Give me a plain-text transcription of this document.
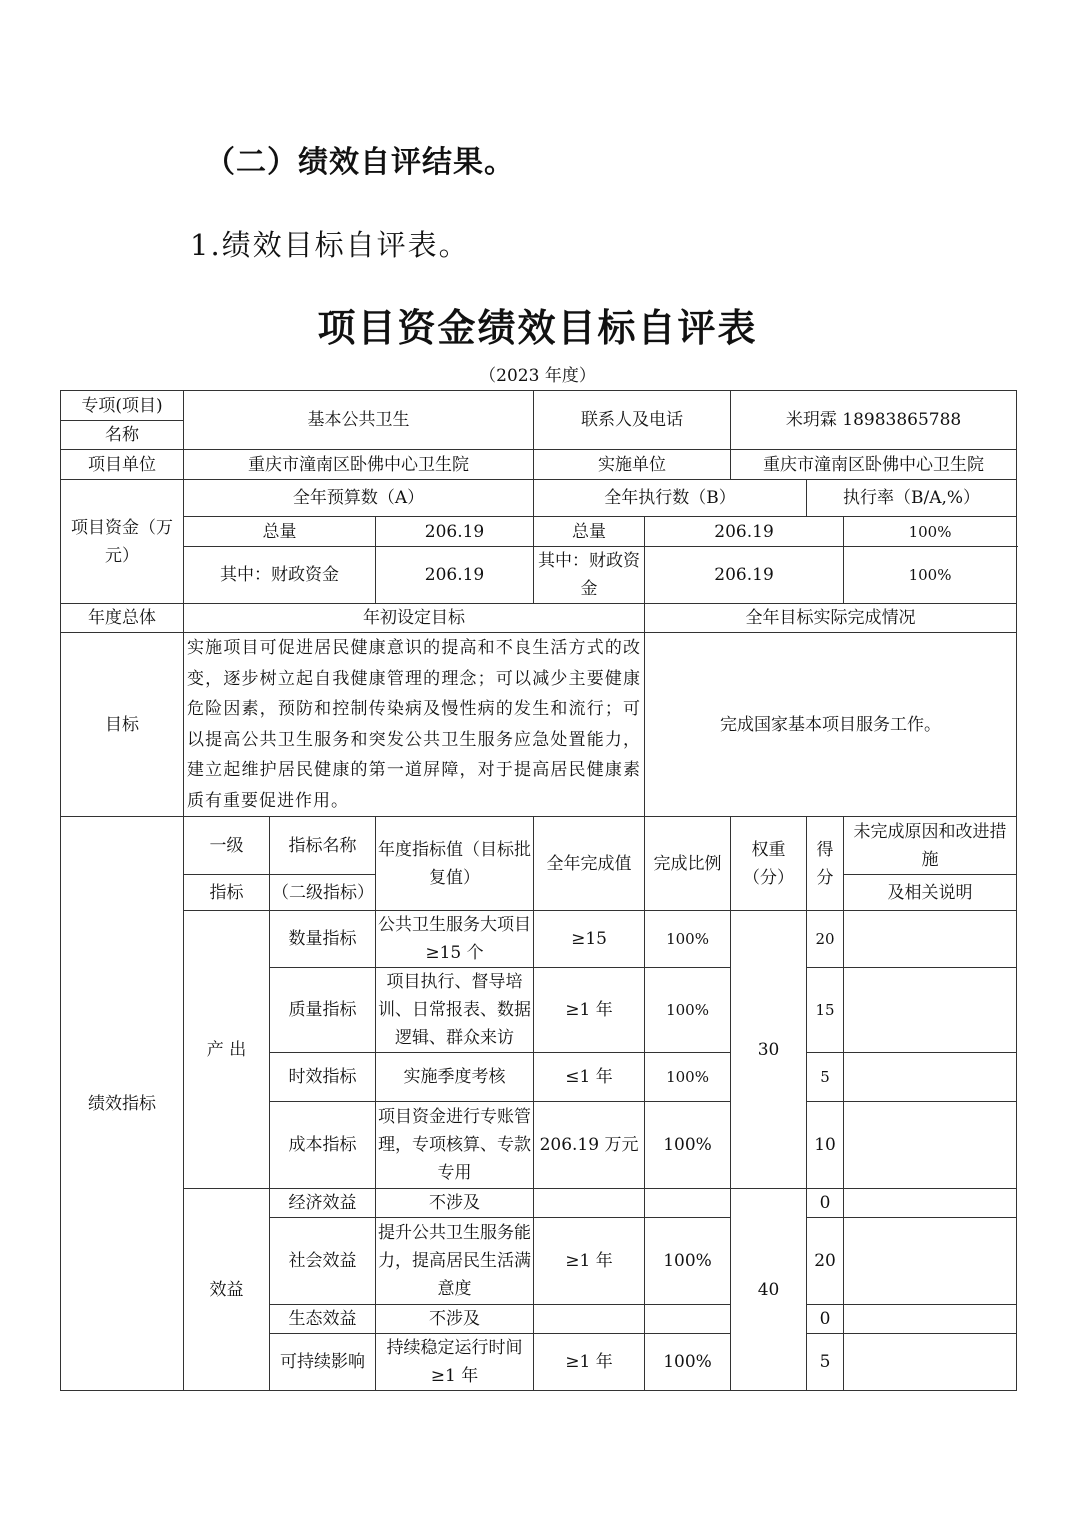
（二）绩效自评结果。
1.绩效目标自评表。
项目资金绩效目标自评表
（2023 年度）
专项(项目)	基本公共卫生			联系人及电话		米玥霖 18983865788		
名称								
项目单位	重庆市潼南区卧佛中心卫生院			实施单位		重庆市潼南区卧佛中心卫生院		
项目资金（万元）	全年预算数（A）			全年执行数（B）			执行率（B/A,%）	
	总量		206.19	总量	206.19			100%
	其中：财政资金		206.19	其中：财政资金	206.19			100%
年度总体	年初设定目标				全年目标实际完成情况			
目标	实施项目可促进居民健康意识的提高和不良生活方式的改变，逐步树立起自我健康管理的理念；可以减少主要健康危险因素，预防和控制传染病及慢性病的发生和流行；可以提高公共卫生服务和突发公共卫生服务应急处置能力，建立起维护居民健康的第一道屏障，对于提高居民健康素质有重要促进作用。				完成国家基本项目服务工作。			
绩效指标	一级	指标名称	年度指标值（目标批复值）	全年完成值	完成比例	权重（分）	得分	未完成原因和改进措施
	指标	（二级指标）						及相关说明
	产 出	数量指标	公共卫生服务大项目≥15 个	≥15	100%	30	20	
		质量指标	项目执行、督导培训、日常报表、数据逻辑、群众来访	≥1 年	100%		15	
		时效指标	实施季度考核	≤1 年	100%		5	
		成本指标	项目资金进行专账管理，专项核算、专款专用	206.19 万元	100%		10	
	效益	经济效益	不涉及			40	0	
		社会效益	提升公共卫生服务能力，提高居民生活满意度	≥1 年	100%		20	
		生态效益	不涉及				0	
		可持续影响	持续稳定运行时间≥1 年	≥1 年	100%		5	
